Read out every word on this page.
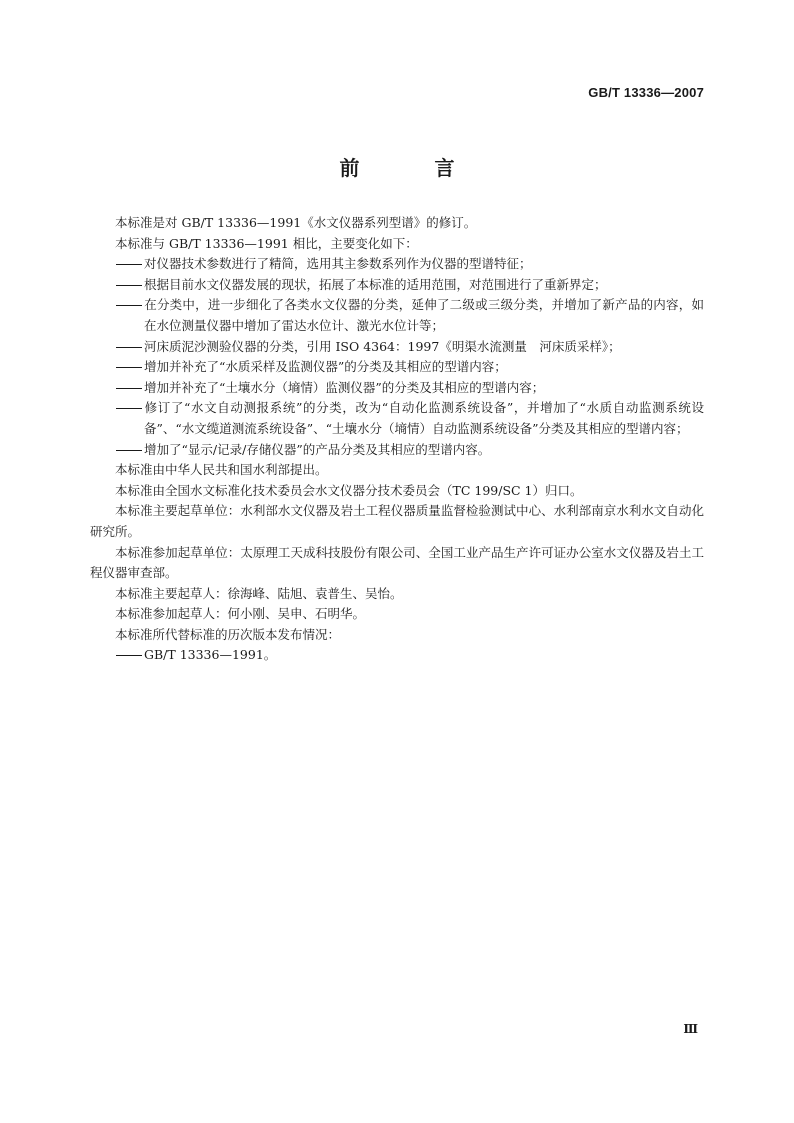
GB/T 13336—2007
前 言

本标准是对 GB/T 13336—1991《水文仪器系列型谱》的修订。

本标准与 GB/T 13336—1991 相比，主要变化如下：

对仪器技术参数进行了精简，选用其主参数系列作为仪器的型谱特征；

根据目前水文仪器发展的现状，拓展了本标准的适用范围，对范围进行了重新界定；

在分类中，进一步细化了各类水文仪器的分类，延伸了二级或三级分类，并增加了新产品的内容，如在水位测量仪器中增加了雷达水位计、激光水位计等；

河床质泥沙测验仪器的分类，引用 ISO 4364：1997《明渠水流测量　河床质采样》；

增加并补充了“水质采样及监测仪器”的分类及其相应的型谱内容；

增加并补充了“土壤水分（墒情）监测仪器”的分类及其相应的型谱内容；

修订了“水文自动测报系统”的分类，改为“自动化监测系统设备”，并增加了“水质自动监测系统设备”、“水文缆道测流系统设备”、“土壤水分（墒情）自动监测系统设备”分类及其相应的型谱内容；

增加了“显示/记录/存储仪器”的产品分类及其相应的型谱内容。

本标准由中华人民共和国水利部提出。

本标准由全国水文标准化技术委员会水文仪器分技术委员会（TC 199/SC 1）归口。

本标准主要起草单位：水利部水文仪器及岩土工程仪器质量监督检验测试中心、水利部南京水利水文自动化研究所。

本标准参加起草单位：太原理工天成科技股份有限公司、全国工业产品生产许可证办公室水文仪器及岩土工程仪器审查部。

本标准主要起草人：徐海峰、陆旭、袁普生、吴怡。

本标准参加起草人：何小刚、吴申、石明华。

本标准所代替标准的历次版本发布情况：

GB/T 13336—1991。

Ⅲ
